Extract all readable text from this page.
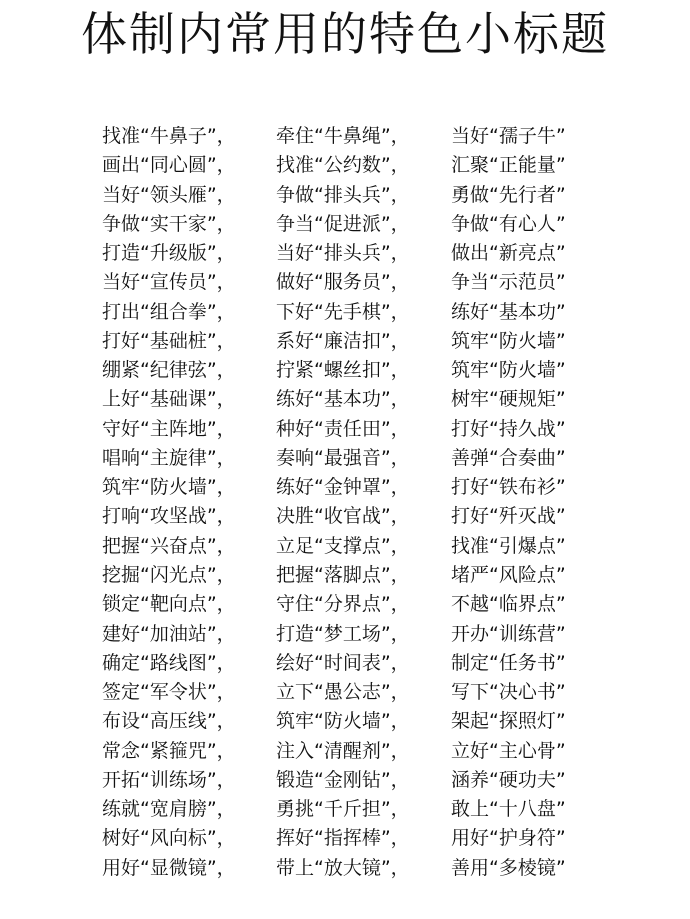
体制内常用的特色小标题
找准“牛鼻子”， 牵住“牛鼻绳”， 当好“孺子牛”
画出“同心圆”， 找准“公约数”， 汇聚“正能量”
当好“领头雁”， 争做“排头兵”， 勇做“先行者”
争做“实干家”， 争当“促进派”， 争做“有心人”
打造“升级版”， 当好“排头兵”， 做出“新亮点”
当好“宣传员”， 做好“服务员”， 争当“示范员”
打出“组合拳”， 下好“先手棋”， 练好“基本功”
打好“基础桩”， 系好“廉洁扣”， 筑牢“防火墙”
绷紧“纪律弦”， 拧紧“螺丝扣”， 筑牢“防火墙”
上好“基础课”， 练好“基本功”， 树牢“硬规矩”
守好“主阵地”， 种好“责任田”， 打好“持久战”
唱响“主旋律”， 奏响“最强音”， 善弹“合奏曲”
筑牢“防火墙”， 练好“金钟罩”， 打好“铁布衫”
打响“攻坚战”， 决胜“收官战”， 打好“歼灭战”
把握“兴奋点”， 立足“支撑点”， 找准“引爆点”
挖掘“闪光点”， 把握“落脚点”， 堵严“风险点”
锁定“靶向点”， 守住“分界点”， 不越“临界点”
建好“加油站”， 打造“梦工场”， 开办“训练营”
确定“路线图”， 绘好“时间表”， 制定“任务书”
签定“军令状”， 立下“愚公志”， 写下“决心书”
布设“高压线”， 筑牢“防火墙”， 架起“探照灯”
常念“紧箍咒”， 注入“清醒剂”， 立好“主心骨”
开拓“训练场”， 锻造“金刚钻”， 涵养“硬功夫”
练就“宽肩膀”， 勇挑“千斤担”， 敢上“十八盘”
树好“风向标”， 挥好“指挥棒”， 用好“护身符”
用好“显微镜”， 带上“放大镜”， 善用“多棱镜”
